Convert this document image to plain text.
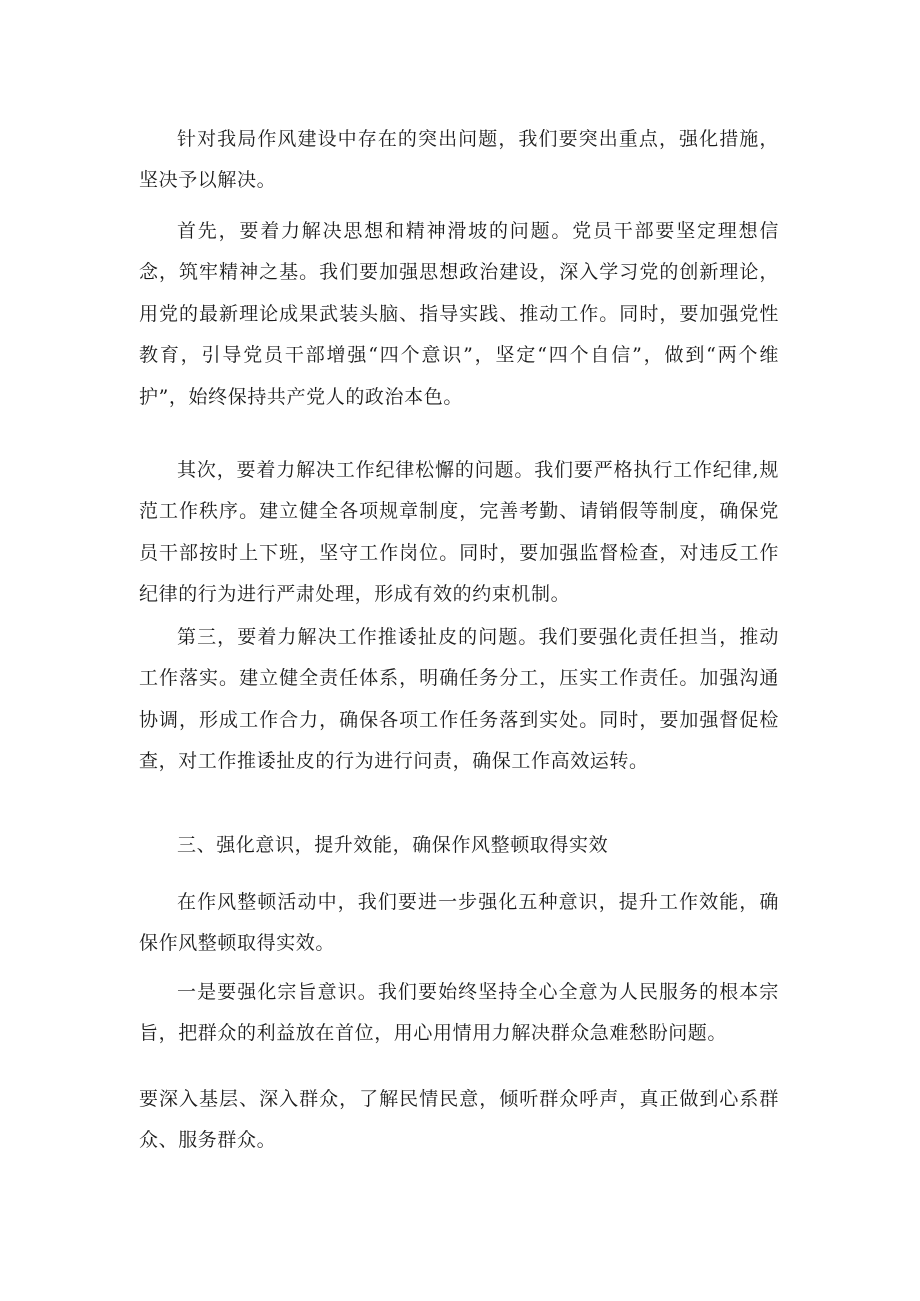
针对我局作风建设中存在的突出问题，我们要突出重点，强化措施，坚决予以解决。

首先，要着力解决思想和精神滑坡的问题。党员干部要坚定理想信念，筑牢精神之基。我们要加强思想政治建设，深入学习党的创新理论，用党的最新理论成果武装头脑、指导实践、推动工作。同时，要加强党性教育，引导党员干部增强“四个意识”，坚定“四个自信”，做到“两个维护”，始终保持共产党人的政治本色。

其次，要着力解决工作纪律松懈的问题。我们要严格执行工作纪律,规范工作秩序。建立健全各项规章制度，完善考勤、请销假等制度，确保党员干部按时上下班，坚守工作岗位。同时，要加强监督检查，对违反工作纪律的行为进行严肃处理，形成有效的约束机制。

第三，要着力解决工作推诿扯皮的问题。我们要强化责任担当，推动工作落实。建立健全责任体系，明确任务分工，压实工作责任。加强沟通协调，形成工作合力，确保各项工作任务落到实处。同时，要加强督促检查，对工作推诿扯皮的行为进行问责，确保工作高效运转。

三、强化意识，提升效能，确保作风整顿取得实效

在作风整顿活动中，我们要进一步强化五种意识，提升工作效能，确保作风整顿取得实效。

一是要强化宗旨意识。我们要始终坚持全心全意为人民服务的根本宗旨，把群众的利益放在首位，用心用情用力解决群众急难愁盼问题。

要深入基层、深入群众，了解民情民意，倾听群众呼声，真正做到心系群众、服务群众。
